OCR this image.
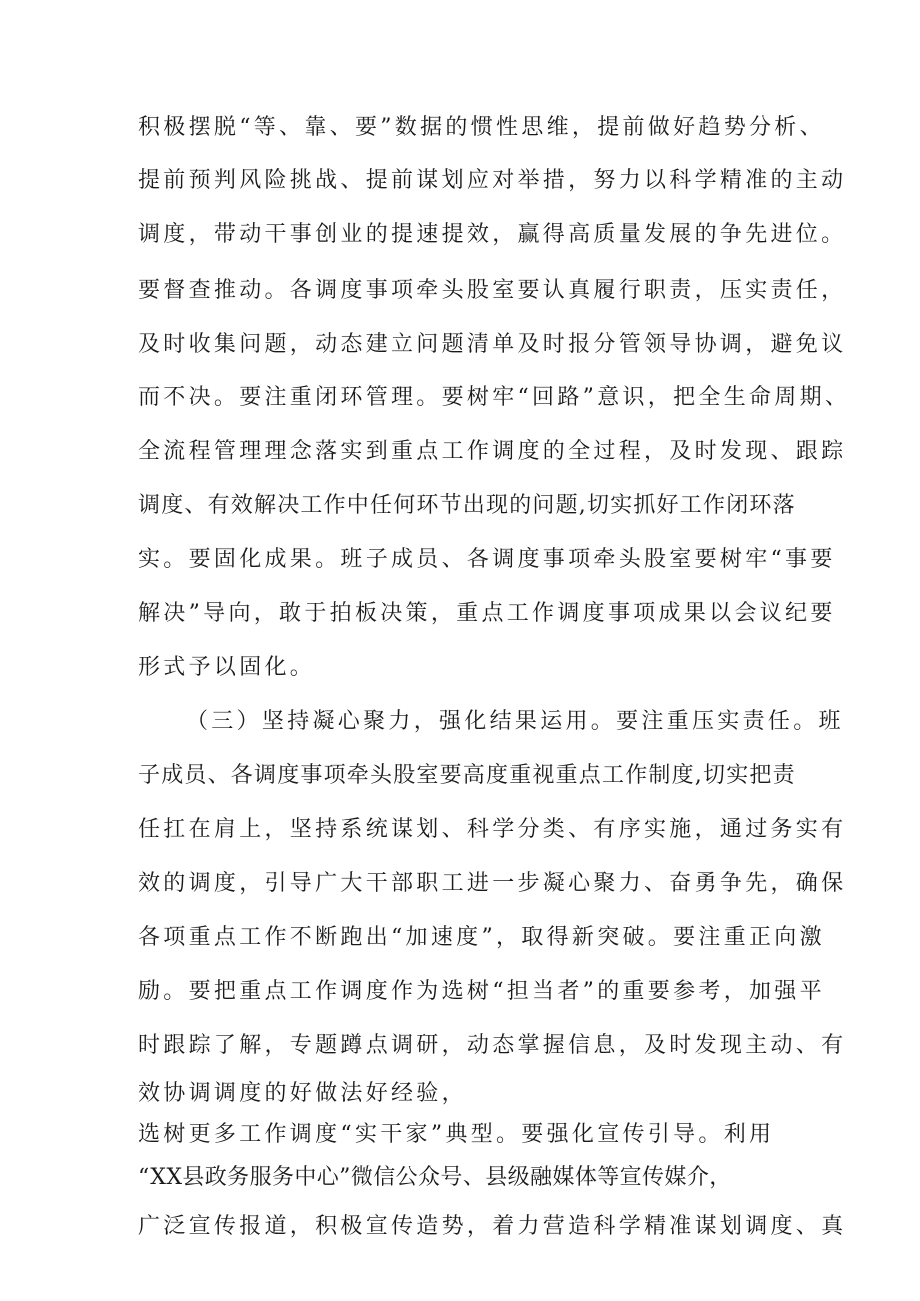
积极摆脱“等、靠、要”数据的惯性思维，提前做好趋势分析、
提前预判风险挑战、提前谋划应对举措，努力以科学精准的主动
调度，带动干事创业的提速提效，赢得高质量发展的争先进位。
要督查推动。各调度事项牵头股室要认真履行职责，压实责任，
及时收集问题，动态建立问题清单及时报分管领导协调，避免议
而不决。要注重闭环管理。要树牢“回路”意识，把全生命周期、
全流程管理理念落实到重点工作调度的全过程，及时发现、跟踪
调度、有效解决工作中任何环节出现的问题,切实抓好工作闭环落
实。要固化成果。班子成员、各调度事项牵头股室要树牢“事要
解决”导向，敢于拍板决策，重点工作调度事项成果以会议纪要
形式予以固化。
（三）坚持凝心聚力，强化结果运用。要注重压实责任。班
子成员、各调度事项牵头股室要高度重视重点工作制度,切实把责
任扛在肩上，坚持系统谋划、科学分类、有序实施，通过务实有
效的调度，引导广大干部职工进一步凝心聚力、奋勇争先，确保
各项重点工作不断跑出“加速度”，取得新突破。要注重正向激
励。要把重点工作调度作为选树“担当者”的重要参考，加强平
时跟踪了解，专题蹲点调研，动态掌握信息，及时发现主动、有
效协调调度的好做法好经验，
选树更多工作调度“实干家”典型。要强化宣传引导。利用
“XX县政务服务中心”微信公众号、县级融媒体等宣传媒介，
广泛宣传报道，积极宣传造势，着力营造科学精准谋划调度、真
